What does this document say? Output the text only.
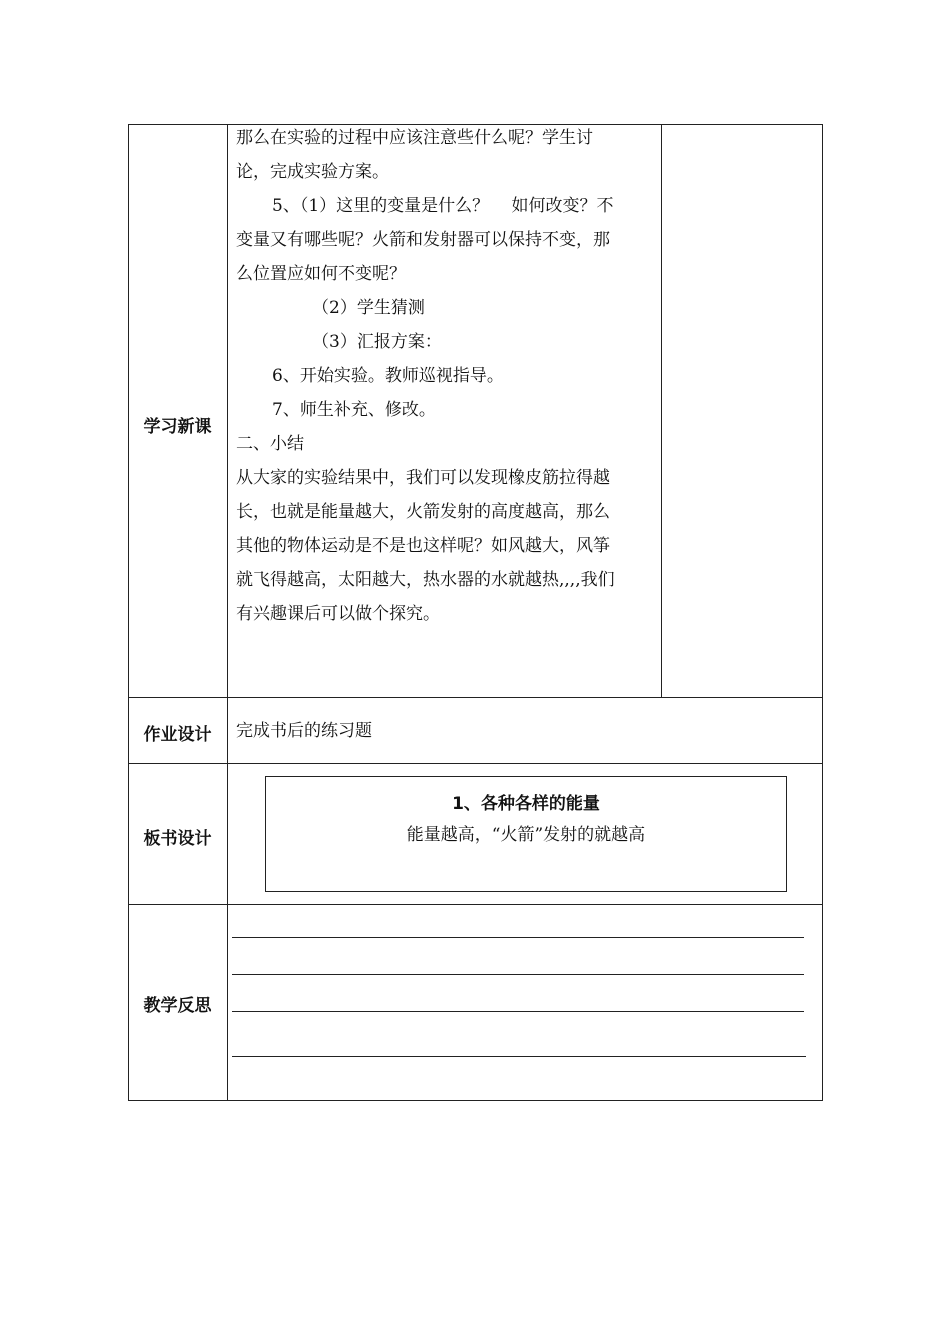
学习新课

那么在实验的过程中应该注意些什么呢？学生讨

论，完成实验方案。

5、（1）这里的变量是什么？　 如何改变？不

变量又有哪些呢？火箭和发射器可以保持不变，那

么位置应如何不变呢？

（2）学生猜测

（3）汇报方案：

6、开始实验。教师巡视指导。

7、师生补充、修改。

二、小结

从大家的实验结果中，我们可以发现橡皮筋拉得越

长，也就是能量越大，火箭发射的高度越高，那么

其他的物体运动是不是也这样呢？如风越大，风筝

就飞得越高，太阳越大，热水器的水就越热,,,,我们

有兴趣课后可以做个探究。

作业设计	完成书后的练习题
板书设计
1、各种各样的能量
能量越高，“火箭”发射的就越高
教学反思
